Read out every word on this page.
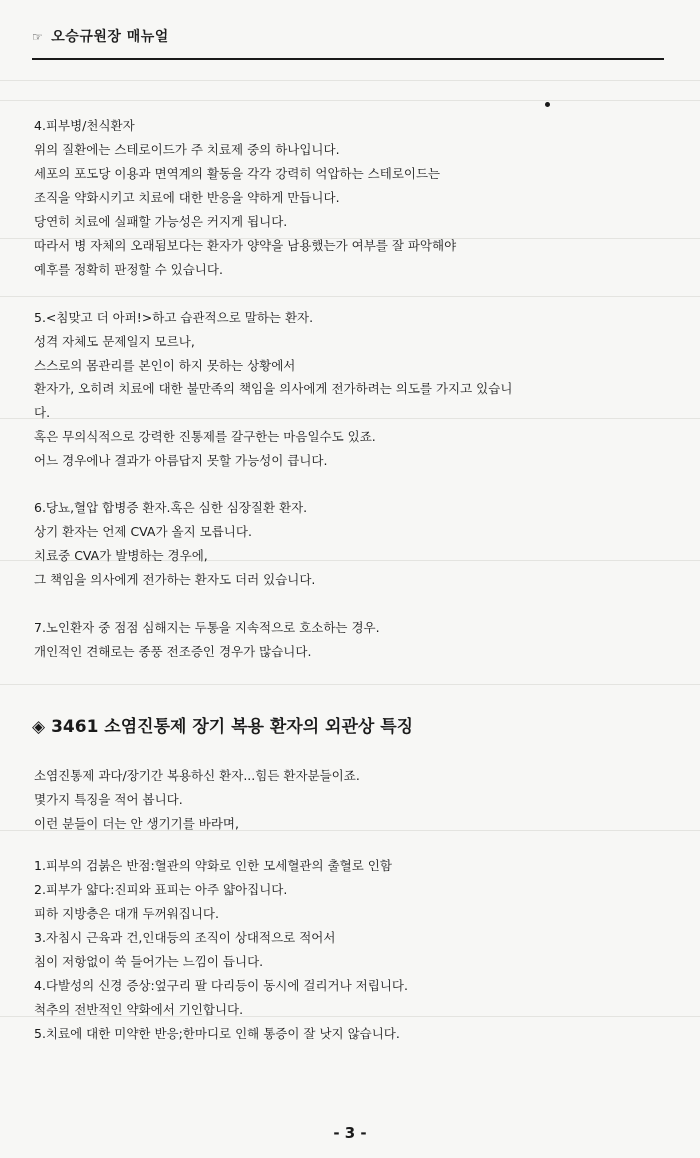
☞ 오승규원장 매뉴얼
4.피부병/천식환자
위의 질환에는 스테로이드가 주 치료제 중의 하나입니다.
세포의 포도당 이용과 면역계의 활동을 각각 강력히 억압하는 스테로이드는
조직을 약화시키고 치료에 대한 반응을 약하게 만듭니다.
당연히 치료에 실패할 가능성은 커지게 됩니다.
따라서 병 자체의 오래됨보다는 환자가 양약을 남용했는가 여부를 잘 파악해야
예후를 정확히 판정할 수 있습니다.
5.<침맞고 더 아퍼!>하고 습관적으로 말하는 환자.
성격 자체도 문제일지 모르나,
스스로의 몸관리를 본인이 하지 못하는 상황에서
환자가, 오히려 치료에 대한 불만족의 책임을 의사에게 전가하려는 의도를 가지고 있습니
다.
혹은 무의식적으로 강력한 진통제를 갈구한는 마음일수도 있죠.
어느 경우에나 결과가 아름답지 못할 가능성이 큽니다.
6.당뇨,혈압 합병증 환자.혹은 심한 심장질환 환자.
상기 환자는 언제 CVA가 올지 모릅니다.
치료중 CVA가 발병하는 경우에,
그 책임을 의사에게 전가하는 환자도 더러 있습니다.
7.노인환자 중 점점 심해지는 두통을 지속적으로 호소하는 경우.
개인적인 견해로는 종풍 전조증인 경우가 많습니다.
◈ 3461 소염진통제 장기 복용 환자의 외관상 특징
소염진통제 과다/장기간 복용하신 환자...힘든 환자분들이죠.
몇가지 특징을 적어 봅니다.
이런 분들이 더는 안 생기기를 바라며,
1.피부의 검붉은 반점:혈관의 약화로 인한 모세혈관의 출혈로 인함
2.피부가 얇다:진피와 표피는 아주 얇아집니다.
피하 지방층은 대개 두꺼워집니다.
3.자침시 근육과 건,인대등의 조직이 상대적으로 적어서
침이 저항없이 쑥 들어가는 느낌이 듭니다.
4.다발성의 신경 증상:엎구리 팔 다리등이 동시에 걸리거나 저립니다.
척추의 전반적인 약화에서 기인합니다.
5.치료에 대한 미약한 반응;한마디로 인해 통증이 잘 낫지 않습니다.
- 3 -
